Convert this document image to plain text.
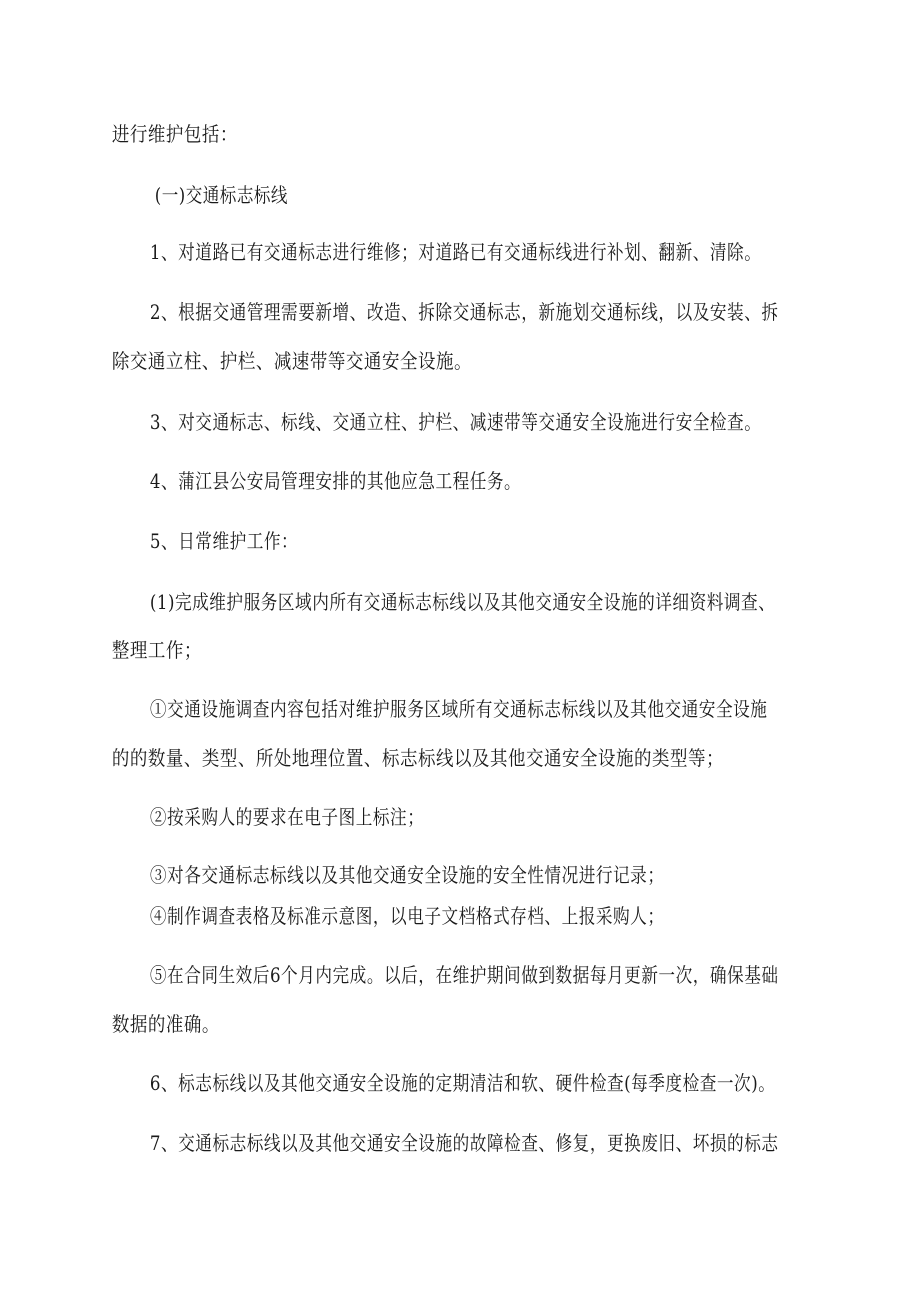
进行维护包括：
(一)交通标志标线
1、对道路已有交通标志进行维修；对道路已有交通标线进行补划、翻新、清除。
2、根据交通管理需要新增、改造、拆除交通标志，新施划交通标线，以及安装、拆
除交通立柱、护栏、减速带等交通安全设施。
3、对交通标志、标线、交通立柱、护栏、减速带等交通安全设施进行安全检查。
4、蒲江县公安局管理安排的其他应急工程任务。
5、日常维护工作：
(1)完成维护服务区域内所有交通标志标线以及其他交通安全设施的详细资料调查、
整理工作；
①交通设施调查内容包括对维护服务区域所有交通标志标线以及其他交通安全设施
的的数量、类型、所处地理位置、标志标线以及其他交通安全设施的类型等；
②按采购人的要求在电子图上标注；
③对各交通标志标线以及其他交通安全设施的安全性情况进行记录；
④制作调查表格及标准示意图，以电子文档格式存档、上报采购人；
⑤在合同生效后6个月内完成。以后，在维护期间做到数据每月更新一次，确保基础
数据的准确。
6、标志标线以及其他交通安全设施的定期清洁和软、硬件检查(每季度检查一次)。
7、交通标志标线以及其他交通安全设施的故障检查、修复，更换废旧、坏损的标志
